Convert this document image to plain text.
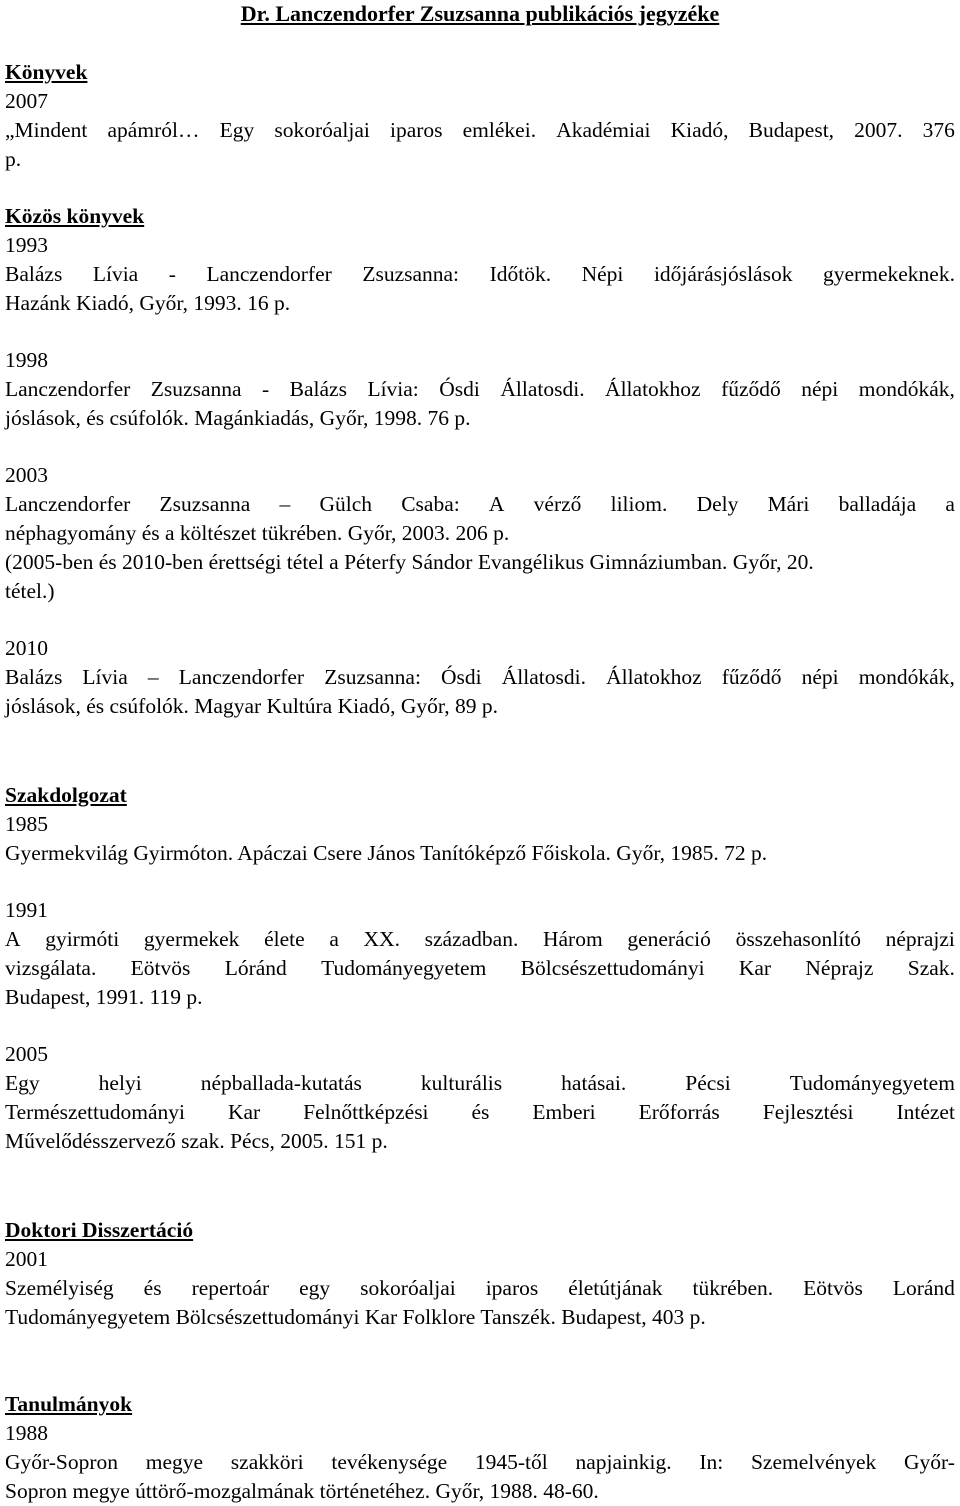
Dr. Lanczendorfer Zsuzsanna publikációs jegyzéke
Könyvek
2007
„Mindent apámról… Egy sokoróaljai iparos emlékei. Akadémiai Kiadó, Budapest, 2007. 376
p.
Közös könyvek
1993
Balázs Lívia - Lanczendorfer Zsuzsanna: Időtök. Népi időjárásjóslások gyermekeknek.
Hazánk Kiadó, Győr, 1993. 16 p.
1998
Lanczendorfer Zsuzsanna - Balázs Lívia: Ósdi Állatosdi. Állatokhoz fűződő népi mondókák,
jóslások, és csúfolók. Magánkiadás, Győr, 1998. 76 p.
2003
Lanczendorfer Zsuzsanna – Gülch Csaba: A vérző liliom. Dely Mári balladája a
néphagyomány és a költészet tükrében. Győr, 2003. 206 p.
(2005-ben és 2010-ben érettségi tétel a Péterfy Sándor Evangélikus Gimnáziumban. Győr, 20.
tétel.)
2010
Balázs Lívia – Lanczendorfer Zsuzsanna: Ósdi Állatosdi. Állatokhoz fűződő népi mondókák,
jóslások, és csúfolók. Magyar Kultúra Kiadó, Győr, 89 p.
Szakdolgozat
1985
Gyermekvilág Gyirmóton. Apáczai Csere János Tanítóképző Főiskola. Győr, 1985. 72 p.
1991
A gyirmóti gyermekek élete a XX. században. Három generáció összehasonlító néprajzi
vizsgálata. Eötvös Lóránd Tudományegyetem Bölcsészettudományi Kar Néprajz Szak.
Budapest, 1991. 119 p.
2005
Egy	helyi	népballada-kutatás	kulturális	hatásai.	Pécsi	Tudományegyetem
Természettudományi Kar Felnőttképzési és Emberi Erőforrás Fejlesztési Intézet
Művelődésszervező szak. Pécs, 2005. 151 p.
Doktori Disszertáció
2001
Személyiség és repertoár egy sokoróaljai iparos életútjának tükrében. Eötvös Loránd
Tudományegyetem Bölcsészettudományi Kar Folklore Tanszék. Budapest, 403 p.
Tanulmányok
1988
Győr-Sopron megye szakköri tevékenysége 1945-től napjainkig. In: Szemelvények Győr-
Sopron megye úttörő-mozgalmának történetéhez. Győr, 1988. 48-60.
